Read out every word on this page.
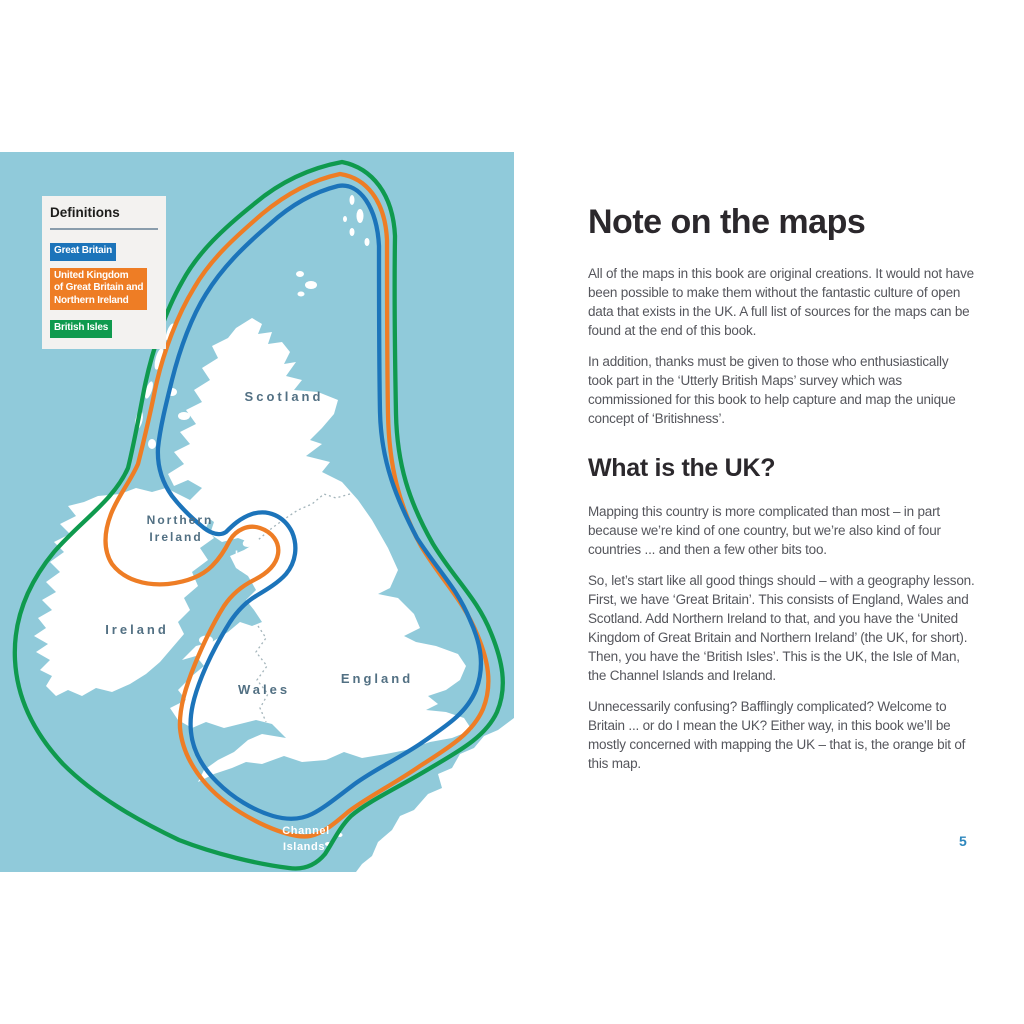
Scotland
Northern
Ireland
Ireland
Isle of
Man
Wales
England
Channel
Islands
Definitions
Great Britain
United Kingdom
of Great Britain and
Northern Ireland
British Isles
Note on the maps

All of the maps in this book are original creations. It would not have been possible to make them without the fantastic culture of open data that exists in the UK. A full list of sources for the maps can be found at the end of this book.

In addition, thanks must be given to those who enthusiastically took part in the ‘Utterly British Maps’ survey which was commissioned for this book to help capture and map the unique concept of ‘Britishness’.

What is the UK?

Mapping this country is more complicated than most – in part because we’re kind of one country, but we’re also kind of four countries ... and then a few other bits too.

So, let’s start like all good things should – with a geography lesson. First, we have ‘Great Britain’. This consists of England, Wales and Scotland. Add Northern Ireland to that, and you have the ‘United Kingdom of Great Britain and Northern Ireland’ (the UK, for short). Then, you have the ‘British Isles’. This is the UK, the Isle of Man, the Channel Islands and Ireland.

Unnecessarily confusing? Bafflingly complicated? Welcome to Britain ... or do I mean the UK? Either way, in this book we’ll be mostly concerned with mapping the UK – that is, the orange bit of this map.

5
